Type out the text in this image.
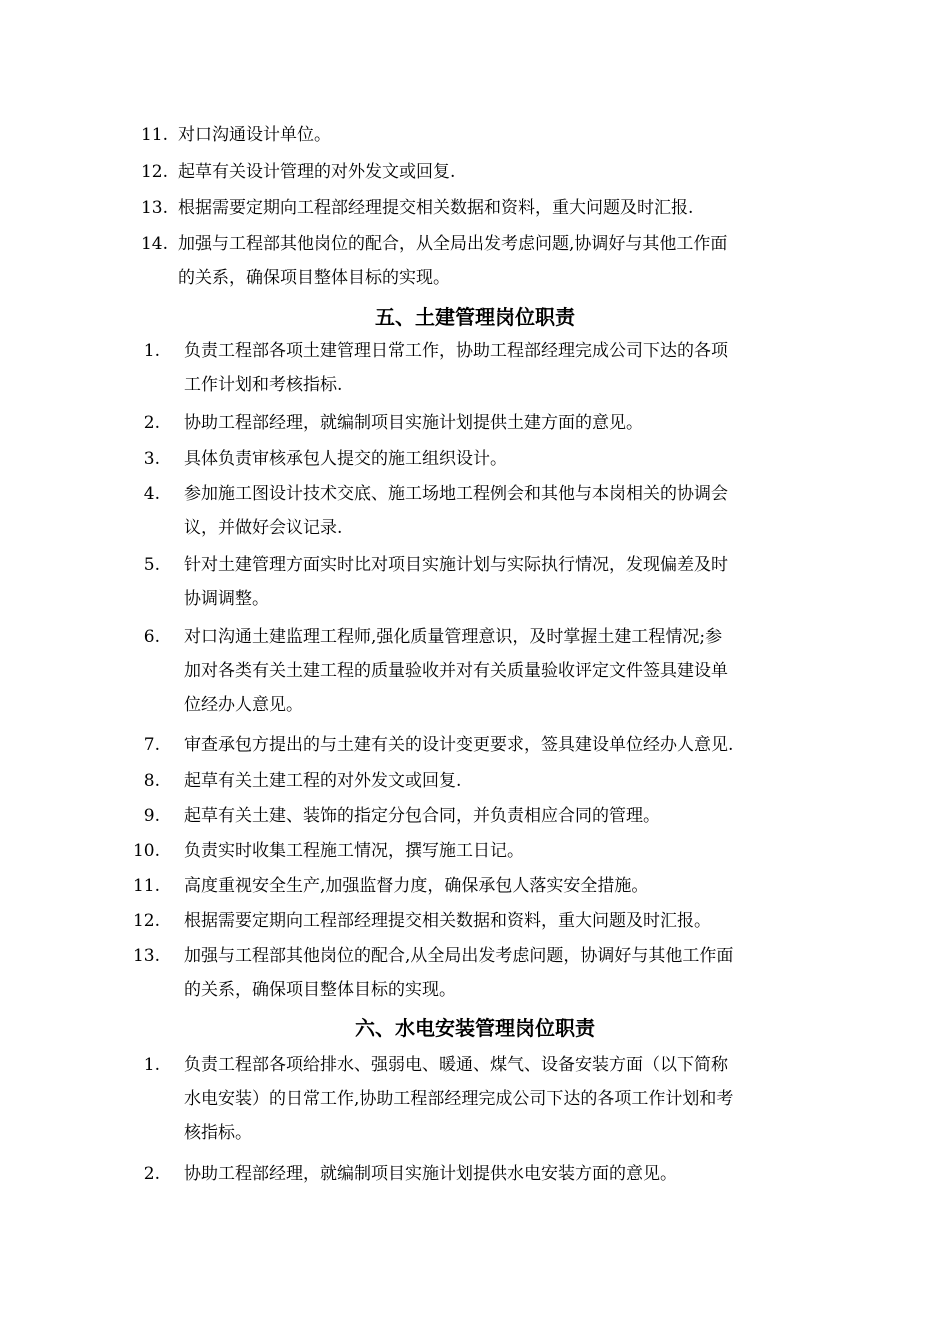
11. 对口沟通设计单位。
12. 起草有关设计管理的对外发文或回复.
13. 根据需要定期向工程部经理提交相关数据和资料，重大问题及时汇报.
14. 加强与工程部其他岗位的配合，从全局出发考虑问题,协调好与其他工作面
的关系，确保项目整体目标的实现。
五、土建管理岗位职责
1. 负责工程部各项土建管理日常工作，协助工程部经理完成公司下达的各项
工作计划和考核指标.
2. 协助工程部经理，就编制项目实施计划提供土建方面的意见。
3. 具体负责审核承包人提交的施工组织设计。
4. 参加施工图设计技术交底、施工场地工程例会和其他与本岗相关的协调会
议，并做好会议记录.
5. 针对土建管理方面实时比对项目实施计划与实际执行情况，发现偏差及时
协调调整。
6. 对口沟通土建监理工程师,强化质量管理意识，及时掌握土建工程情况;参
加对各类有关土建工程的质量验收并对有关质量验收评定文件签具建设单
位经办人意见。
7. 审查承包方提出的与土建有关的设计变更要求，签具建设单位经办人意见.
8. 起草有关土建工程的对外发文或回复.
9. 起草有关土建、装饰的指定分包合同，并负责相应合同的管理。
10. 负责实时收集工程施工情况，撰写施工日记。
11. 高度重视安全生产,加强监督力度，确保承包人落实安全措施。
12. 根据需要定期向工程部经理提交相关数据和资料，重大问题及时汇报。
13. 加强与工程部其他岗位的配合,从全局出发考虑问题，协调好与其他工作面
的关系，确保项目整体目标的实现。
六、水电安装管理岗位职责
1. 负责工程部各项给排水、强弱电、暖通、煤气、设备安装方面（以下简称
水电安装）的日常工作,协助工程部经理完成公司下达的各项工作计划和考
核指标。
2. 协助工程部经理，就编制项目实施计划提供水电安装方面的意见。
